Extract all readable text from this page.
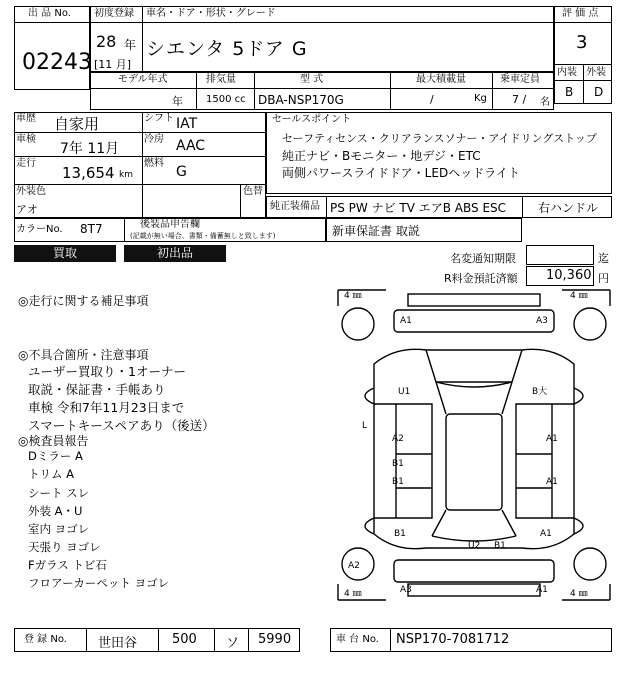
出 品 No.
02243
初度登録 車名・ドア・形状・グレード
28 年
[11 月]
シエンタ 5ドア G
評 価 点
3
内装 外装
B D
モデル年式	排気量	型 式	最大積載量	乗車定員
年 1500 cc DBA-NSP170G	/	Kg 7 / 名
車歴 自家用	シフト IAT
車検
7年 11月
冷房 AAC
走行
13,654 km
燃料
G
外装色
アオ
色替
カラーNo. 8T7	後装品申告欄
(記載が無い場合、書類・備蓄無しと致します)
セールスポイント
セーフティセンス・クリアランスソナー・アイドリングストップ
純正ナビ・Bモニター・地デジ・ETC
両側パワースライドドア・LEDヘッドライト
純正装備品 PS PW ナビ TV エアB ABS ESC	右ハンドル
新車保証書 取説
買取	初出品	名変通知期限	迄
R料金預託済額 10,360 円
◎走行に関する補足事項
◎不具合箇所・注意事項
ユーザー買取り・1オーナー
取説・保証書・手帳あり
車検 令和7年11月23日まで
スマートキースペアあり（後送）
◎検査員報告
Dミラー A
トリム A
シート スレ
外装 A・U
室内 ヨゴレ
天張り ヨゴレ
Fガラス トビ石
フロアーカーペット ヨゴレ
4 ㎜	4 ㎜
4 ㎜	4 ㎜
A1	A3
U1	B大
L
A2	A1
B1
B1	A1
B1	A1
U2 B1
A2
A3	A1
登 録 No. 世田谷	500 ソ 5990	車 台 No. NSP170-7081712
